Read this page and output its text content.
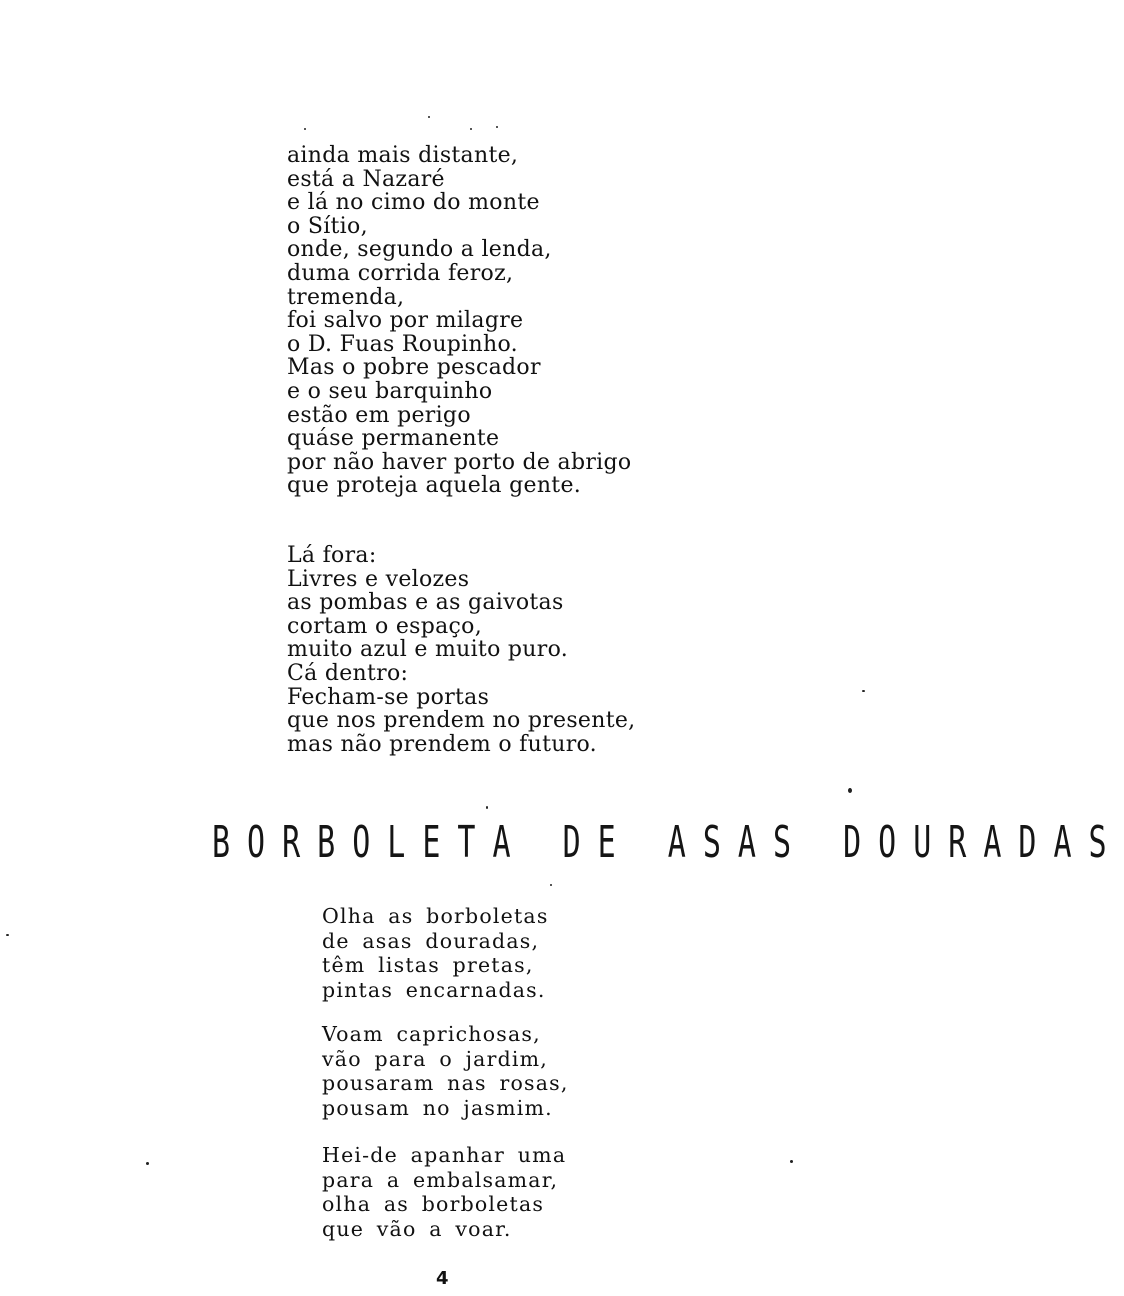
ainda mais distante,
está a Nazaré
e lá no cimo do monte
o Sítio,
onde, segundo a lenda,
duma corrida feroz,
tremenda,
foi salvo por milagre
o D. Fuas Roupinho.
Mas o pobre pescador
e o seu barquinho
estão em perigo
quáse permanente
por não haver porto de abrigo
que proteja aquela gente.
Lá fora:
Livres e velozes
as pombas e as gaivotas
cortam o espaço,
muito azul e muito puro.
Cá dentro:
Fecham-se portas
que nos prendem no presente,
mas não prendem o futuro.
BORBOLETA DE ASAS DOURADAS
Olha as borboletas
de asas douradas,
têm listas pretas,
pintas encarnadas.
Voam caprichosas,
vão para o jardim,
pousaram nas rosas,
pousam no jasmim.
Hei-de apanhar uma
para a embalsamar,
olha as borboletas
que vão a voar.
4
